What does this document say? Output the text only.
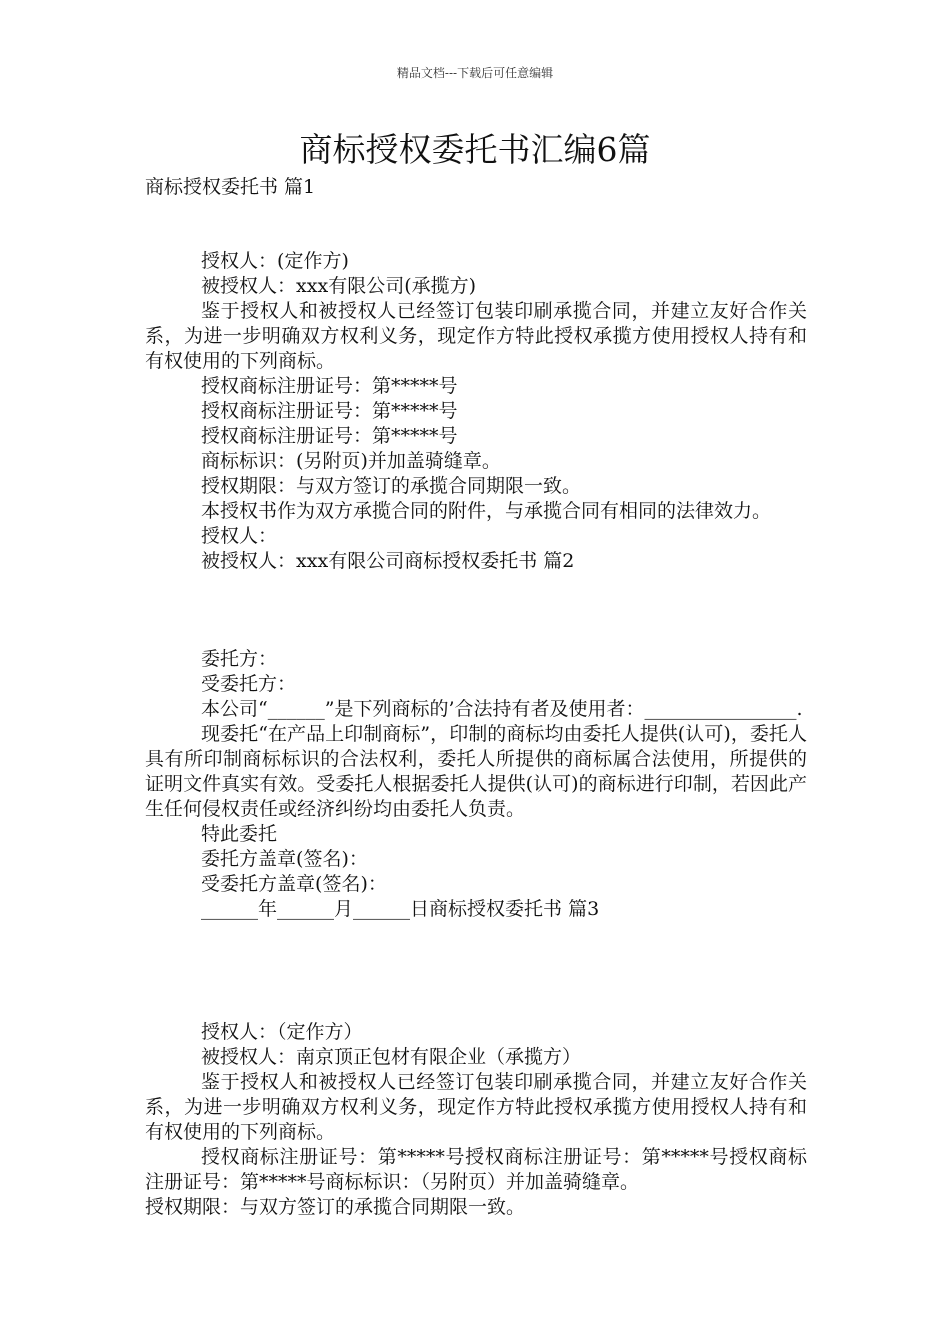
精品文档---下载后可任意编辑
商标授权委托书汇编6篇
商标授权委托书 篇1

授权人：(定作方)

被授权人：xxx有限公司(承揽方)

鉴于授权人和被授权人已经签订包装印刷承揽合同，并建立友好合作关系，为进一步明确双方权利义务，现定作方特此授权承揽方使用授权人持有和有权使用的下列商标。

授权商标注册证号：第*****号

授权商标注册证号：第*****号

授权商标注册证号：第*****号

商标标识：(另附页)并加盖骑缝章。

授权期限：与双方签订的承揽合同期限一致。

本授权书作为双方承揽合同的附件，与承揽合同有相同的法律效力。

授权人：

被授权人：xxx有限公司商标授权委托书 篇2

委托方：

受委托方：

本公司“______”是下列商标的’合法持有者及使用者：________________.

现委托“在产品上印制商标”，印制的商标均由委托人提供(认可)，委托人具有所印制商标标识的合法权利，委托人所提供的商标属合法使用，所提供的证明文件真实有效。受委托人根据委托人提供(认可)的商标进行印制，若因此产生任何侵权责任或经济纠纷均由委托人负责。

特此委托

委托方盖章(签名)：

受委托方盖章(签名)：

______年______月______日商标授权委托书 篇3

授权人：（定作方）

被授权人：南京顶正包材有限企业（承揽方）

鉴于授权人和被授权人已经签订包装印刷承揽合同，并建立友好合作关系，为进一步明确双方权利义务，现定作方特此授权承揽方使用授权人持有和有权使用的下列商标。

授权商标注册证号：第*****号授权商标注册证号：第*****号授权商标注册证号：第*****号商标标识：（另附页）并加盖骑缝章。

授权期限：与双方签订的承揽合同期限一致。
